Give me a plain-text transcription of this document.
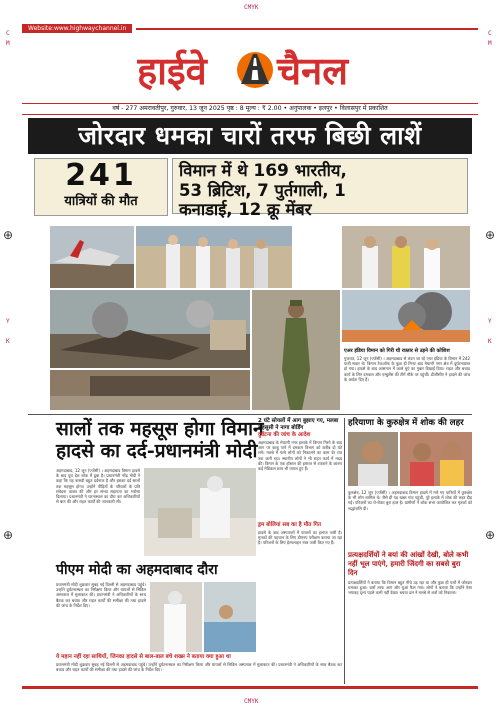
CMYK
CMYK
C
M
Y
K
C
M
Y
K
⊕	⊕
⊕	⊕
Website:www.highwaychannel.in
हाईवे चैनल
वर्ष - 277 अमरावतीपुर, गुरुवार, 13 जून 2025 पृष्ठ : 8 मूल्य : ₹ 2.00 • अनुपालक • इलपुर • विलासपुर में प्रकाशित
जोरदार धमका चारों तरफ बिछी लाशें
241
यात्रियों की मौत
विमान में थे 169 भारतीय,
53 ब्रिटिश, 7 पुर्तगाली, 1
कनाडाई, 12 क्रू मेंबर
एअर इंडिया विमान को गिरी थी रफ़्तार से उड़ने की कोशिश
गुजरात, 12 जून (एजेंसी) । अहमदाबाद से लंदन जा रहे एयर इंडिया के विमान में 242 यात्री सवार थे। विमान टेकऑफ के कुछ ही मिनट बाद मेघाणी नगर क्षेत्र में दुर्घटनाग्रस्त हो गया। हादसे के बाद आसमान में काले धुएं का गुबार दिखाई दिया। राहत और बचाव कार्य के लिए दमकल और एम्बुलेंस की टीमें मौके पर पहुंचीं। डीजीसीए ने हादसे की जांच के आदेश दिए हैं।
सालों तक महसूस होगा विमान
हादसे का दर्द-प्रधानमंत्री मोदी
अहमदाबाद, 12 जून (एजेंसी) । अहमदाबाद विमान हादसे के बाद पूरा देश शोक में डूबा है। प्रधानमंत्री नरेंद्र मोदी ने कहा कि यह त्रासदी बहुत दर्दनाक है और इसका दर्द सालों तक महसूस होगा। उन्होंने पीड़ितों के परिवारों के प्रति संवेदना व्यक्त की और हर संभव सहायता का भरोसा दिलाया। प्रधानमंत्री ने घटनास्थल का दौरा कर अधिकारियों से बात की और राहत कार्यों की जानकारी ली।
2 घंटे सोयलों में आग बुझाए गए, मलबा सहसूसी ने नागा बोर्डिंग
दुर्घटना की जांच के आदेश
अहमदाबाद के मेघाणी नगर इलाके में विमान गिरने के बाद आग पर काबू पाने में दमकल विभाग को करीब दो घंटे लगे। मलबे में फंसे लोगों को निकालने का काम देर रात तक जारी रहा। स्थानीय लोगों ने भी राहत कार्य में मदद की। विमान के एक हॉस्टल की इमारत से टकराने के कारण कई मेडिकल छात्र भी घायल हुए हैं।
ड्रम बोलियां सब का है मौत गित
हादसे के बाद अस्पतालों में घायलों का इलाज जारी है। मृतकों की पहचान के लिए डीएनए परीक्षण कराया जा रहा है। परिजनों के लिए हेल्पलाइन नंबर जारी किए गए हैं।
पीएम मोदी का अहमदाबाद दौरा
प्रधानमंत्री मोदी शुक्रवार सुबह नई दिल्ली से अहमदाबाद पहुंचे। उन्होंने दुर्घटनास्थल का निरीक्षण किया और घायलों से सिविल अस्पताल में मुलाकात की। प्रधानमंत्री ने अधिकारियों के साथ बैठक कर बचाव और राहत कार्यों की समीक्षा की तथा हादसे की जांच के निर्देश दिए।
ये महान नहीं रहा साथियों, जिनका हादसे से बाल-बाल बचे शख्स ने बताया क्या हुआ था
प्रधानमंत्री मोदी शुक्रवार सुबह नई दिल्ली से अहमदाबाद पहुंचे। उन्होंने दुर्घटनास्थल का निरीक्षण किया और घायलों से सिविल अस्पताल में मुलाकात की। प्रधानमंत्री ने अधिकारियों के साथ बैठक कर बचाव और राहत कार्यों की समीक्षा की तथा हादसे की जांच के निर्देश दिए।
हरियाणा के कुरुक्षेत्र में शोक की लहर
कुरुक्षेत्र, 12 जून (एजेंसी) । अहमदाबाद विमान हादसे में मारे गए यात्रियों में कुरुक्षेत्र के भी लोग शामिल थे। जैसे ही यह खबर गांव पहुंची, पूरे इलाके में शोक की लहर दौड़ गई। परिजनों का रो-रोकर बुरा हाल है। ग्रामीणों ने शोक सभा आयोजित कर मृतकों को श्रद्धांजलि दी।
प्रत्यक्षदर्शियों ने बयां की आंखों देखी, बोले कभी नहीं भूल पाएंगे, हमारी जिंदगी का सबसे बुरा दिन
प्रत्यक्षदर्शियों ने बताया कि विमान बहुत नीचे उड़ रहा था और कुछ ही पलों में जोरदार धमाका हुआ। चारों तरफ आग और धुआं फैल गया। लोगों ने बताया कि उन्होंने ऐसा भयावह दृश्य पहले कभी नहीं देखा। बचाव दल ने मलबे से शवों को निकाला।
